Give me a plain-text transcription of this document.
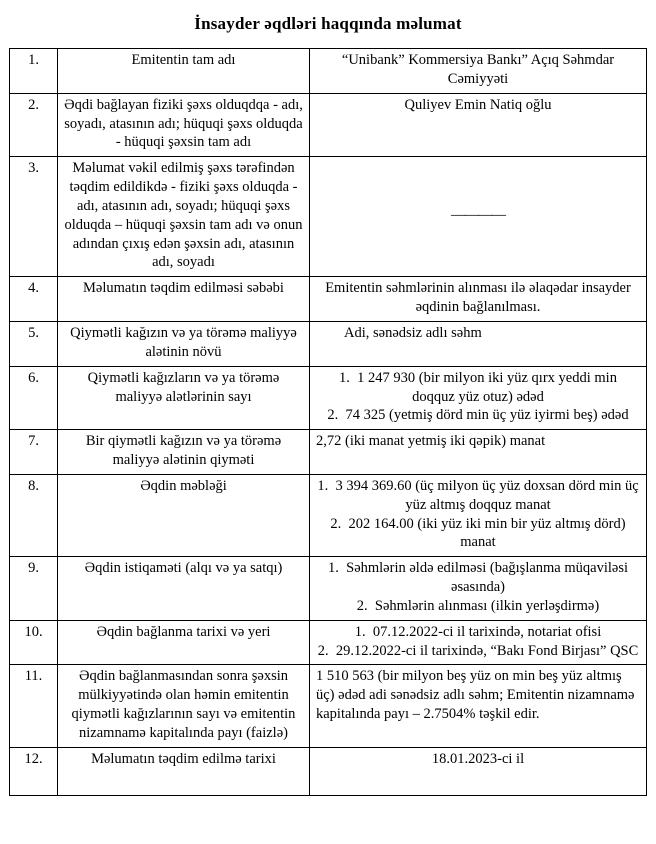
İnsayder əqdləri haqqında məlumat
1.	Emitentin tam adı	“Unibank” Kommersiya Bankı” Açıq Səhmdar Cəmiyyəti
2.	Əqdi bağlayan fiziki şəxs olduqdqa - adı, soyadı, atasının adı; hüquqi şəxs olduqda - hüquqi şəxsin tam adı	Quliyev Emin Natiq oğlu
3.	Məlumat vəkil edilmiş şəxs tərəfindən təqdim edildikdə - fiziki şəxs olduqda - adı, atasının adı, soyadı; hüquqi şəxs olduqda – hüquqi şəxsin tam adı və onun adından çıxış edən şəxsin adı, atasının adı, soyadı	————
4.	Məlumatın təqdim edilməsi səbəbi	Emitentin səhmlərinin alınması ilə əlaqədar insayder əqdinin bağlanılması.
5.	Qiymətli kağızın və ya törəmə maliyyə alətinin növü	Adi, sənədsiz adlı səhm
6.	Qiymətli kağızların və ya törəmə maliyyə alətlərinin sayı	1.  1 247 930 (bir milyon iki yüz qırx yeddi min doqquz yüz otuz) ədəd
2.  74 325 (yetmiş dörd min üç yüz iyirmi beş) ədəd

7.	Bir qiymətli kağızın və ya törəmə maliyyə alətinin qiyməti	2,72 (iki manat yetmiş iki qəpik) manat
8.	Əqdin məbləği	1.  3 394 369.60 (üç milyon üç yüz doxsan dörd min üç yüz altmış doqquz manat
2.  202 164.00 (iki yüz iki min bir yüz altmış dörd) manat

9.	Əqdin istiqaməti (alqı və ya satqı)	1.  Səhmlərin əldə edilməsi (bağışlanma müqaviləsi əsasında)
2.  Səhmlərin alınması (ilkin yerləşdirmə)

10.	Əqdin bağlanma tarixi və yeri	1.  07.12.2022-ci il tarixində, notariat ofisi
2.  29.12.2022-ci il tarixində, “Bakı Fond Birjası” QSC

11.	Əqdin bağlanmasından sonra şəxsin mülkiyyətində olan həmin emitentin qiymətli kağızlarının sayı və emitentin nizamnamə kapitalında payı (faizlə)	1 510 563 (bir milyon beş yüz on min beş yüz altmış üç) ədəd adi sənədsiz adlı səhm; Emitentin nizamnamə kapitalında payı – 2.7504% təşkil edir.
12.	Məlumatın təqdim edilmə tarixi	18.01.2023-ci il
